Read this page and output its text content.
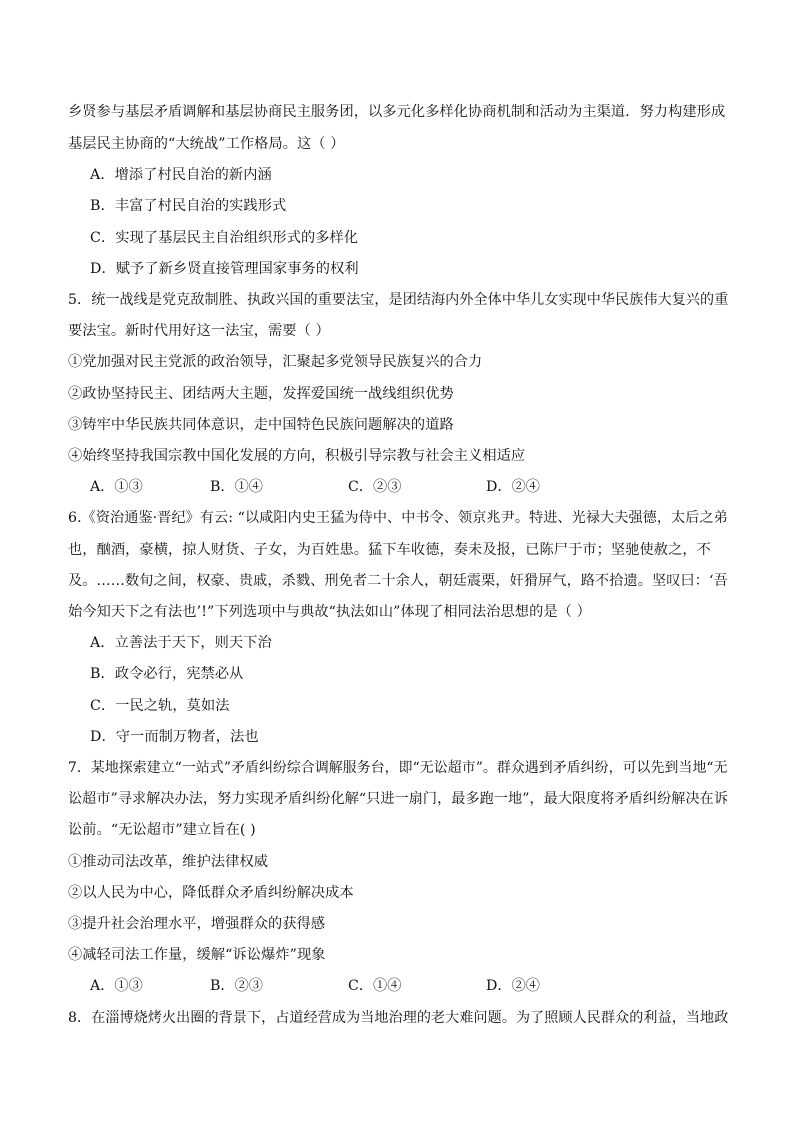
乡贤参与基层矛盾调解和基层协商民主服务团，以多元化多样化协商机制和活动为主渠道．努力构建形成
基层民主协商的“大统战”工作格局。这（ ）
A．增添了村民自治的新内涵
B．丰富了村民自治的实践形式
C．实现了基层民主自治组织形式的多样化
D．赋予了新乡贤直接管理国家事务的权利
5．统一战线是党克敌制胜、执政兴国的重要法宝，是团结海内外全体中华儿女实现中华民族伟大复兴的重
要法宝。新时代用好这一法宝，需要（ ）
①党加强对民主党派的政治领导，汇聚起多党领导民族复兴的合力
②政协坚持民主、团结两大主题，发挥爱国统一战线组织优势
③铸牢中华民族共同体意识，走中国特色民族问题解决的道路
④始终坚持我国宗教中国化发展的方向，积极引导宗教与社会主义相适应
A．①③	B．①④	C．②③	D．②④
6.《资治通鉴·晋纪》有云: “以咸阳内史王猛为侍中、中书令、领京兆尹。特进、光禄大夫强德，太后之弟
也，酗酒，豪横，掠人财货、子女，为百姓患。猛下车收德，奏未及报，已陈尸于市；坚驰使赦之，不
及。……数旬之间，权豪、贵戚，杀戮、刑免者二十余人，朝廷震栗，奸猾屏气，路不拾遗。坚叹曰：‘吾
始今知天下之有法也’!”下列选项中与典故“执法如山”体现了相同法治思想的是（ ）
A．立善法于天下，则天下治
B．政令必行，宪禁必从
C．一民之轨，莫如法
D．守一而制万物者，法也
7．某地探索建立“一站式”矛盾纠纷综合调解服务台，即“无讼超市”。群众遇到矛盾纠纷，可以先到当地“无
讼超市”寻求解决办法，努力实现矛盾纠纷化解“只进一扇门，最多跑一地”，最大限度将矛盾纠纷解决在诉
讼前。“无讼超市”建立旨在( )
①推动司法改革，维护法律权威
②以人民为中心，降低群众矛盾纠纷解决成本
③提升社会治理水平，增强群众的获得感
④减轻司法工作量，缓解“诉讼爆炸”现象
A．①③	B．②③	C．①④	D．②④
8．在淄博烧烤火出圈的背景下，占道经营成为当地治理的老大难问题。为了照顾人民群众的利益，当地政
